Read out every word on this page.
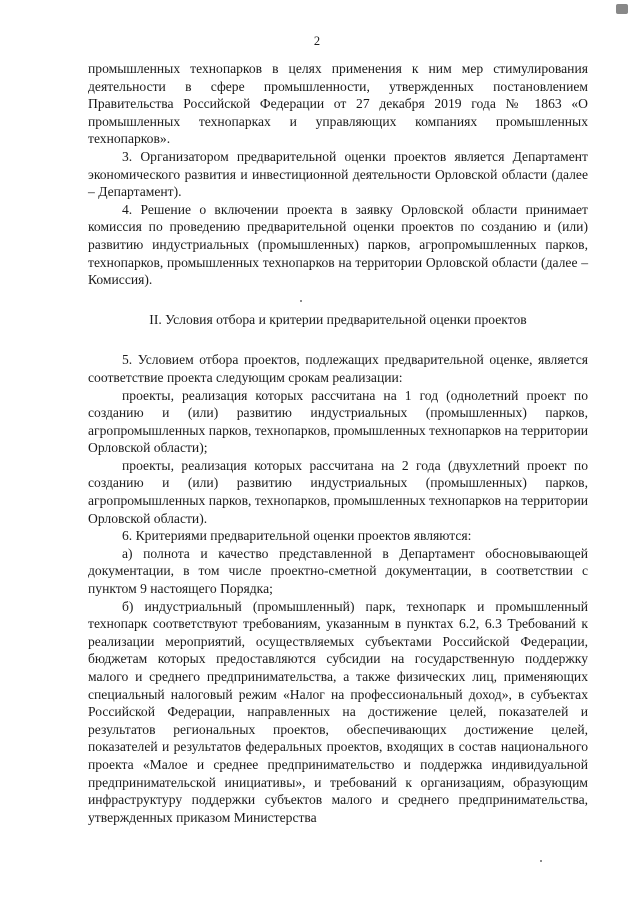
2

промышленных технопарков в целях применения к ним мер стимулирования деятельности в сфере промышленности, утвержденных постановлением Правительства Российской Федерации от 27 декабря 2019 года № 1863 «О промышленных технопарках и управляющих компаниях промышленных технопарков».

3. Организатором предварительной оценки проектов является Департамент экономического развития и инвестиционной деятельности Орловской области (далее – Департамент).

4. Решение о включении проекта в заявку Орловской области принимает комиссия по проведению предварительной оценки проектов по созданию и (или) развитию индустриальных (промышленных) парков, агропромышленных парков, технопарков, промышленных технопарков на территории Орловской области (далее – Комиссия).

II. Условия отбора и критерии предварительной оценки проектов

5. Условием отбора проектов, подлежащих предварительной оценке, является соответствие проекта следующим срокам реализации:

проекты, реализация которых рассчитана на 1 год (однолетний проект по созданию и (или) развитию индустриальных (промышленных) парков, агропромышленных парков, технопарков, промышленных технопарков на территории Орловской области);

проекты, реализация которых рассчитана на 2 года (двухлетний проект по созданию и (или) развитию индустриальных (промышленных) парков, агропромышленных парков, технопарков, промышленных технопарков на территории Орловской области).

6. Критериями предварительной оценки проектов являются:

а) полнота и качество представленной в Департамент обосновывающей документации, в том числе проектно-сметной документации, в соответствии с пунктом 9 настоящего Порядка;

б) индустриальный (промышленный) парк, технопарк и промышленный технопарк соответствуют требованиям, указанным в пунктах 6.2, 6.3 Требований к реализации мероприятий, осуществляемых субъектами Российской Федерации, бюджетам которых предоставляются субсидии на государственную поддержку малого и среднего предпринимательства, а также физических лиц, применяющих специальный налоговый режим «Налог на профессиональный доход», в субъектах Российской Федерации, направленных на достижение целей, показателей и результатов региональных проектов, обеспечивающих достижение целей, показателей и результатов федеральных проектов, входящих в состав национального проекта «Малое и среднее предпринимательство и поддержка индивидуальной предпринимательской инициативы», и требований к организациям, образующим инфраструктуру поддержки субъектов малого и среднего предпринимательства, утвержденных приказом Министерства
